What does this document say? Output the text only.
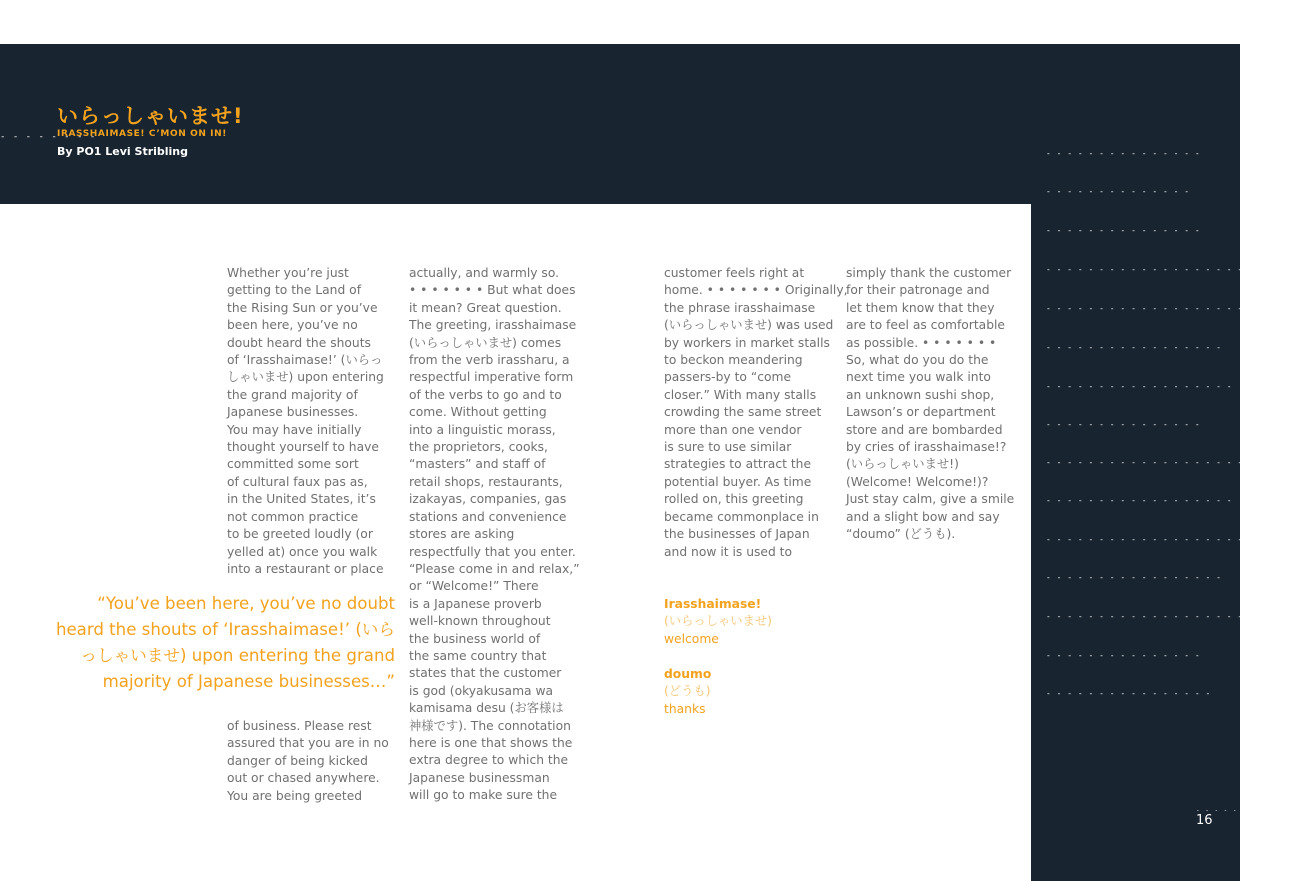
- - - - - - - -
いらっしゃいませ!
IRASSHAIMASE! C’MON ON IN!
By PO1 Levi Stribling
Whether you’re just
getting to the Land of
the Rising Sun or you’ve
been here, you’ve no
doubt heard the shouts
of ‘Irasshaimase!’ (いらっ
しゃいませ) upon entering
the grand majority of
Japanese businesses.
You may have initially
thought yourself to have
committed some sort
of cultural faux pas as,
in the United States, it’s
not common practice
to be greeted loudly (or
yelled at) once you walk
into a restaurant or place
of business. Please rest
assured that you are in no
danger of being kicked
out or chased anywhere.
You are being greeted
actually, and warmly so.
• • • • • • • But what does
it mean? Great question.
The greeting, irasshaimase
(いらっしゃいませ) comes
from the verb irassharu, a
respectful imperative form
of the verbs to go and to
come. Without getting
into a linguistic morass,
the proprietors, cooks,
“masters” and staff of
retail shops, restaurants,
izakayas, companies, gas
stations and convenience
stores are asking
respectfully that you enter.
“Please come in and relax,”
or “Welcome!” There
is a Japanese proverb
well-known throughout
the business world of
the same country that
states that the customer
is god (okyakusama wa
kamisama desu (お客様は
神様です). The connotation
here is one that shows the
extra degree to which the
Japanese businessman
will go to make sure the
customer feels right at
home. • • • • • • • Originally,
the phrase irasshaimase
(いらっしゃいませ) was used
by workers in market stalls
to beckon meandering
passers-by to “come
closer.” With many stalls
crowding the same street
more than one vendor
is sure to use similar
strategies to attract the
potential buyer. As time
rolled on, this greeting
became commonplace in
the businesses of Japan
and now it is used to
simply thank the customer
for their patronage and
let them know that they
are to feel as comfortable
as possible. • • • • • • •
So, what do you do the
next time you walk into
an unknown sushi shop,
Lawson’s or department
store and are bombarded
by cries of irasshaimase!?
(いらっしゃいませ!)
(Welcome! Welcome!)?
Just stay calm, give a smile
and a slight bow and say
“doumo” (どうも).
“You’ve been here, you’ve no doubt
heard the shouts of ‘Irasshaimase!’ (いら
っしゃいませ) upon entering the grand
majority of Japanese businesses…”
Irasshaimase!
(いらっしゃいませ)
welcome
doumo
(どうも)
thanks
- - - - - - - - - - - - - - -
- - - - - - - - - - - - - -
- - - - - - - - - - - - - - -
- - - - - - - - - - - - - - - - - - - - - - - -
- - - - - - - - - - - - - - - - - - - - - - - -
- - - - - - - - - - - - - - - - -
- - - - - - - - - - - - - - - - - -
- - - - - - - - - - - - - - -
- - - - - - - - - - - - - - - - - - - -
- - - - - - - - - - - - - - - - - -
- - - - - - - - - - - - - - - - - - - -
- - - - - - - - - - - - - - - - -
- - - - - - - - - - - - - - - - - - -
- - - - - - - - - - - - - - -
- - - - - - - - - - - - - - - -
- - - - - - - -
16
